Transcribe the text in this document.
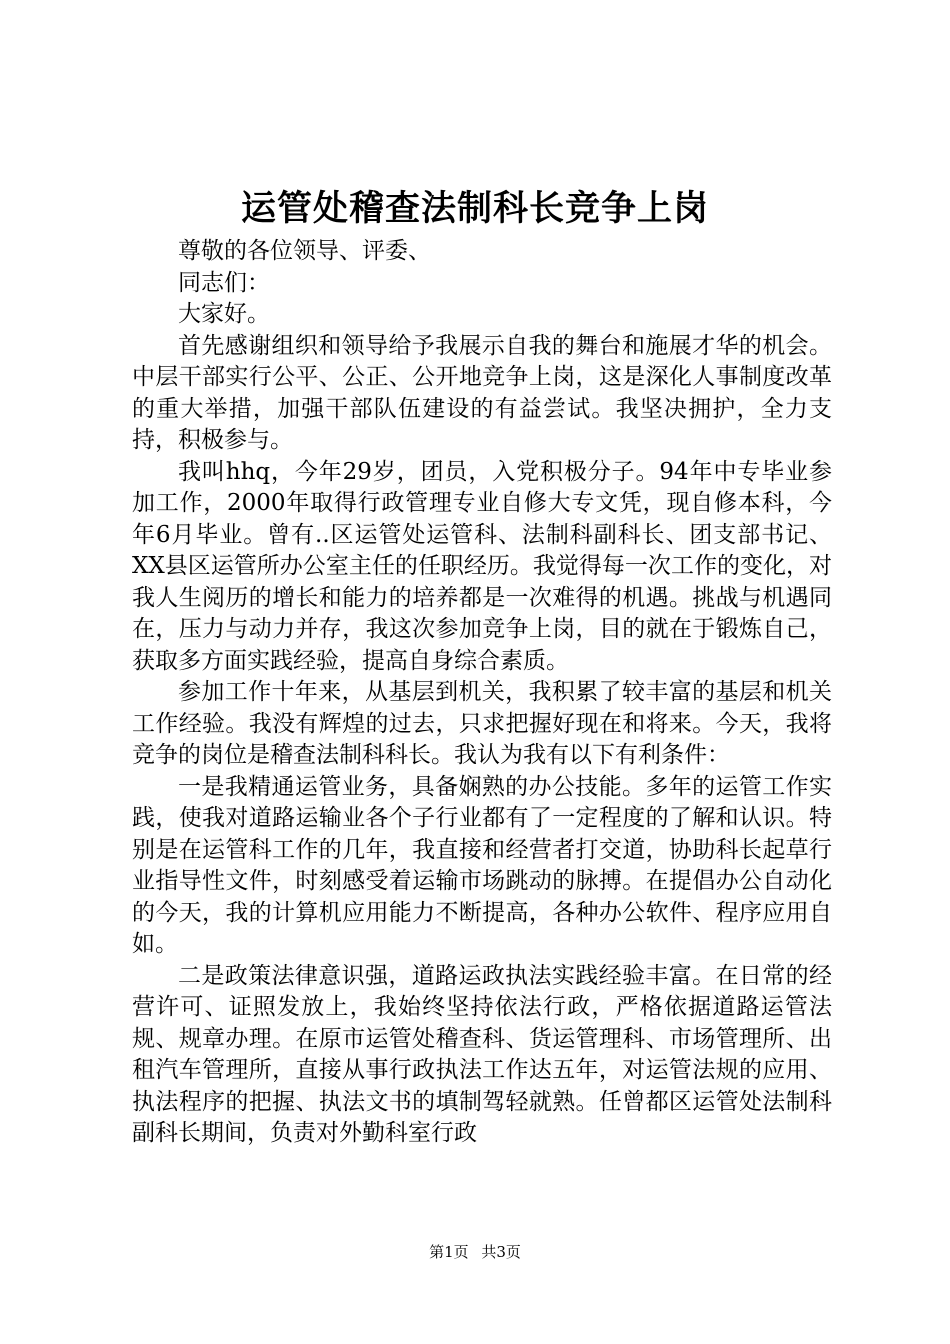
运管处稽查法制科长竞争上岗

尊敬的各位领导、评委、

同志们：

大家好。

首先感谢组织和领导给予我展示自我的舞台和施展才华的机会。中层干部实行公平、公正、公开地竞争上岗，这是深化人事制度改革的重大举措，加强干部队伍建设的有益尝试。我坚决拥护，全力支持，积极参与。

我叫hhq，今年29岁，团员，入党积极分子。94年中专毕业参加工作，2000年取得行政管理专业自修大专文凭，现自修本科，今年6月毕业。曾有..区运管处运管科、法制科副科长、团支部书记、XX县区运管所办公室主任的任职经历。我觉得每一次工作的变化，对我人生阅历的增长和能力的培养都是一次难得的机遇。挑战与机遇同在，压力与动力并存，我这次参加竞争上岗，目的就在于锻炼自己，获取多方面实践经验，提高自身综合素质。

参加工作十年来，从基层到机关，我积累了较丰富的基层和机关工作经验。我没有辉煌的过去，只求把握好现在和将来。今天，我将竞争的岗位是稽查法制科科长。我认为我有以下有利条件：

一是我精通运管业务，具备娴熟的办公技能。多年的运管工作实践，使我对道路运输业各个子行业都有了一定程度的了解和认识。特别是在运管科工作的几年，我直接和经营者打交道，协助科长起草行业指导性文件，时刻感受着运输市场跳动的脉搏。在提倡办公自动化的今天，我的计算机应用能力不断提高，各种办公软件、程序应用自如。

二是政策法律意识强，道路运政执法实践经验丰富。在日常的经营许可、证照发放上，我始终坚持依法行政，严格依据道路运管法规、规章办理。在原市运管处稽查科、货运管理科、市场管理所、出租汽车管理所，直接从事行政执法工作达五年，对运管法规的应用、执法程序的把握、执法文书的填制驾轻就熟。任曾都区运管处法制科副科长期间，负责对外勤科室行政

第1页 共3页
